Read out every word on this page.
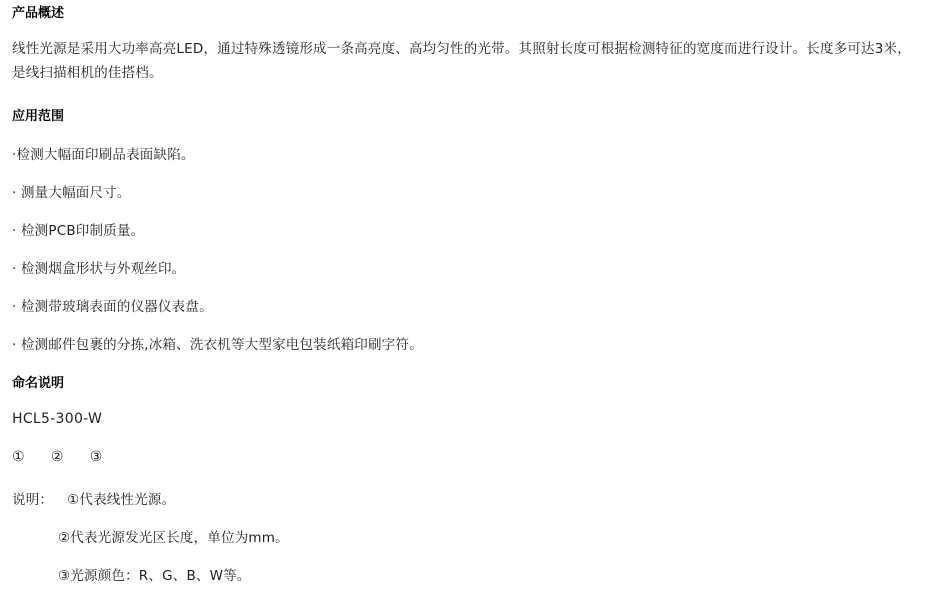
产品概述

线性光源是采用大功率高亮LED，通过特殊透镜形成一条高亮度、高均匀性的光带。其照射长度可根据检测特征的宽度而进行设计。长度多可达3米，是线扫描相机的佳搭档。

应用范围

·检测大幅面印刷品表面缺陷。

· 测量大幅面尺寸。

· 检测PCB印制质量。

· 检测烟盒形状与外观丝印。

· 检测带玻璃表面的仪器仪表盘。

· 检测邮件包裹的分拣,冰箱、洗衣机等大型家电包装纸箱印刷字符。

命名说明

HCL5-300-W

① ② ③

说明： ①代表线性光源。

②代表光源发光区长度，单位为mm。

③光源颜色：R、G、B、W等。
